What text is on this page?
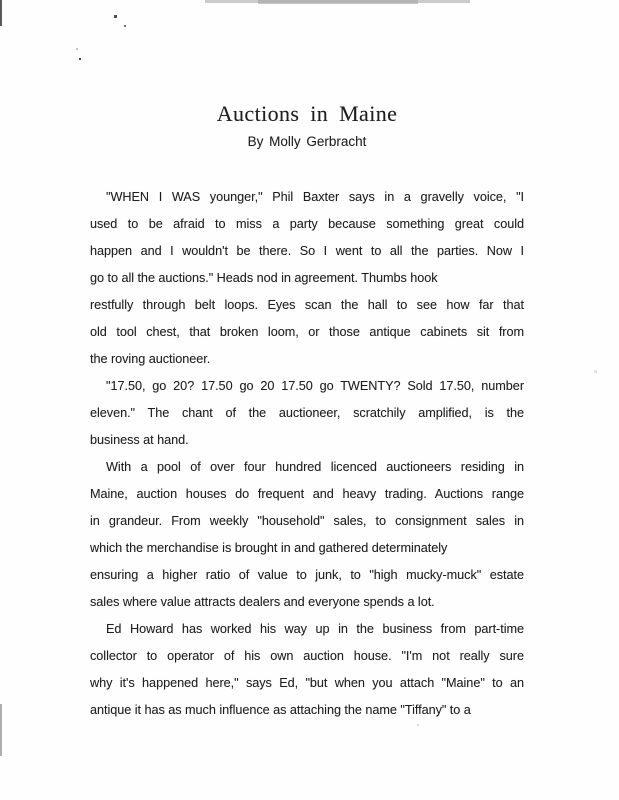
Auctions in Maine
By Molly Gerbracht
"WHEN I WAS younger," Phil Baxter says in a gravelly voice, "I
used to be afraid to miss a party because something great could
happen and I wouldn't be there. So I went to all the parties. Now I
go to all the auctions." Heads nod in agreement. Thumbs hook
restfully through belt loops. Eyes scan the hall to see how far that
old tool chest, that broken loom, or those antique cabinets sit from
the roving auctioneer.
"17.50, go 20? 17.50 go 20 17.50 go TWENTY? Sold 17.50, number
eleven." The chant of the auctioneer, scratchily amplified, is the
business at hand.
With a pool of over four hundred licenced auctioneers residing in
Maine, auction houses do frequent and heavy trading. Auctions range
in grandeur. From weekly "household" sales, to consignment sales in
which the merchandise is brought in and gathered determinately
ensuring a higher ratio of value to junk, to "high mucky-muck" estate
sales where value attracts dealers and everyone spends a lot.
Ed Howard has worked his way up in the business from part-time
collector to operator of his own auction house. "I'm not really sure
why it's happened here," says Ed, "but when you attach "Maine" to an
antique it has as much influence as attaching the name "Tiffany" to a
